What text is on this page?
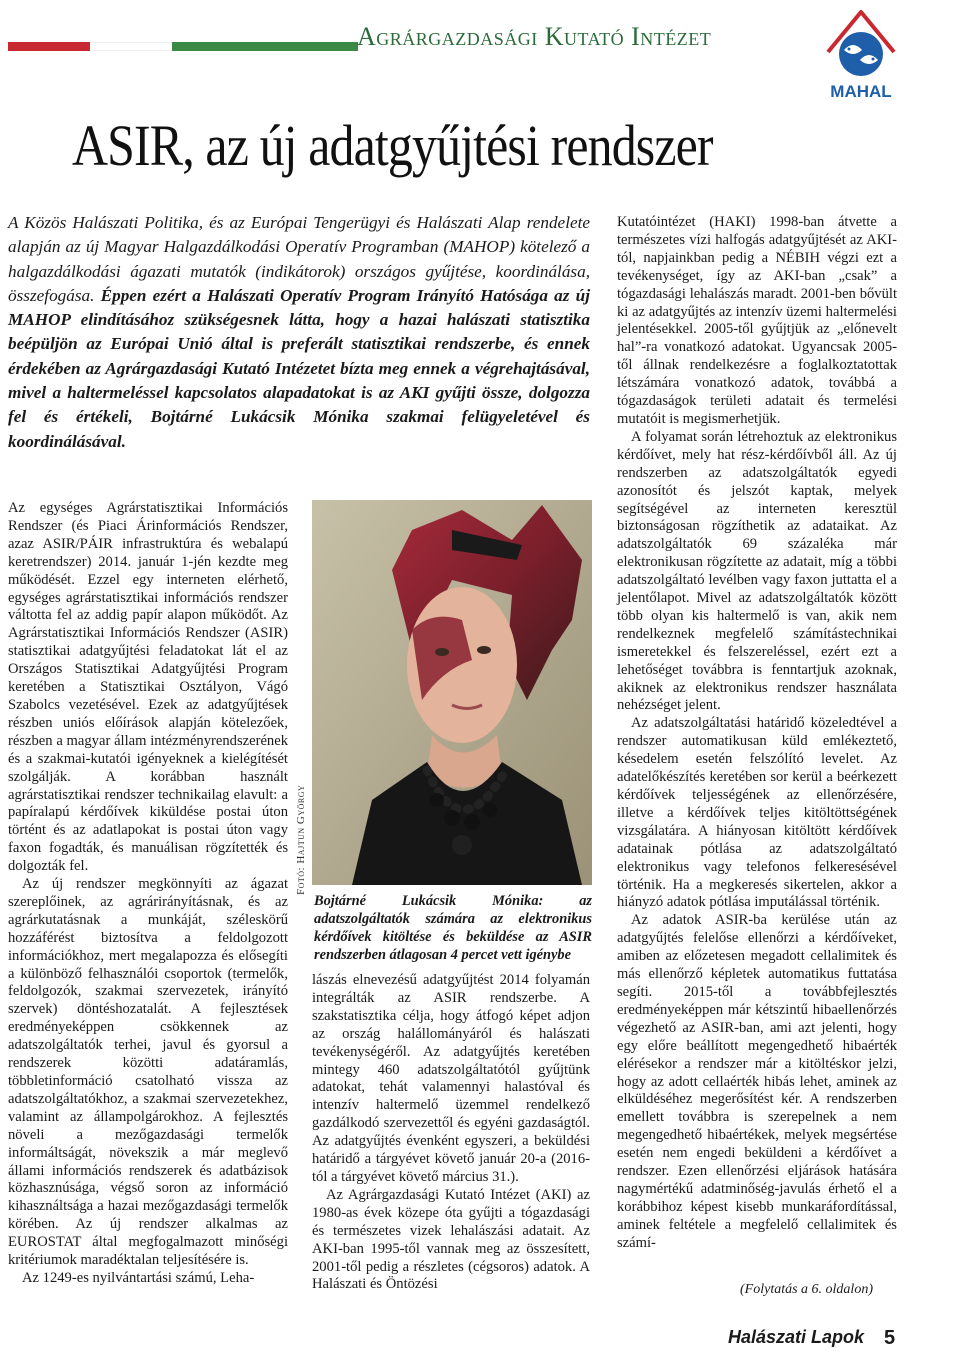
Agrárgazdasági Kutató Intézet
MAHAL
ASIR, az új adatgyűjtési rendszer
A Közös Halászati Politika, és az Európai Tengerügyi és Halászati Alap rendelete alapján az új Magyar Halgazdálkodási Operatív Programban (MAHOP) kötelező a halgazdálkodási ágazati mutatók (indikátorok) országos gyűjtése, koordinálása, összefogása. Éppen ezért a Halászati Operatív Program Irányító Hatósága az új MAHOP elindításához szükségesnek látta, hogy a hazai halászati statisztika beépüljön az Európai Unió által is preferált statisztikai rendszerbe, és ennek érdekében az Agrárgazdasági Kutató Intézetet bízta meg ennek a végrehajtásával, mivel a haltermeléssel kapcsolatos alapadatokat is az AKI gyűjti össze, dolgozza fel és értékeli, Bojtárné Lukácsik Mónika szakmai felügyeletével és koordinálásával.

Az egységes Agrárstatisztikai Információs Rendszer (és Piaci Árinformációs Rendszer, azaz ASIR/PÁIR infrastruktúra és webalapú keretrendszer) 2014. január 1-jén kezdte meg működését. Ezzel egy interneten elérhető, egységes agrárstatisztikai információs rendszer váltotta fel az addig papír alapon működőt. Az Agrárstatisztikai Információs Rendszer (ASIR) statisztikai adatgyűjtési feladatokat lát el az Országos Statisztikai Adatgyűjtési Program keretében a Statisztikai Osztályon, Vágó Szabolcs vezetésével. Ezek az adatgyűjtések részben uniós előírások alapján kötelezőek, részben a magyar állam intézményrendszerének és a szakmai-kutatói igényeknek a kielégítését szolgálják. A korábban használt agrárstatisztikai rendszer technikailag elavult: a papíralapú kérdőívek kiküldése postai úton történt és az adatlapokat is postai úton vagy faxon fogadták, és manuálisan rögzítették és dolgozták fel.

Az új rendszer megkönnyíti az ágazat szereplőinek, az agrárirányításnak, és az agrárkutatásnak a munkáját, széleskörű hozzáférést biztosítva a feldolgozott információkhoz, mert megalapozza és elősegíti a különböző felhasználói csoportok (termelők, feldolgozók, szakmai szervezetek, irányító szervek) döntéshozatalát. A fejlesztések eredményeképpen csökkennek az adatszolgáltatók terhei, javul és gyorsul a rendszerek közötti adatáramlás, többletinformáció csatolható vissza az adatszolgáltatókhoz, a szakmai szervezetekhez, valamint az állampolgárokhoz. A fejlesztés növeli a mezőgazdasági termelők informáltságát, növekszik a már meglevő állami információs rendszerek és adatbázisok közhasznúsága, végső soron az információ kihasználtsága a hazai mezőgazdasági termelők körében. Az új rendszer alkalmas az EUROSTAT által megfogalmazott minőségi kritériumok maradéktalan teljesítésére is.

Az 1249-es nyilvántartási számú, Leha-

Fotó: Hajtun György
Bojtárné Lukácsik Mónika: az adatszolgáltatók számára az elektronikus kérdőívek kitöltése és beküldése az ASIR rendszerben átlagosan 4 percet vett igénybe

lászás elnevezésű adatgyűjtést 2014 folyamán integrálták az ASIR rendszerbe. A szakstatisztika célja, hogy átfogó képet adjon az ország halállományáról és halászati tevékenységéről. Az adatgyűjtés keretében mintegy 460 adatszolgáltatótól gyűjtünk adatokat, tehát valamennyi halastóval és intenzív haltermelő üzemmel rendelkező gazdálkodó szervezettől és egyéni gazdaságtól. Az adatgyűjtés évenként egyszeri, a beküldési határidő a tárgyévet követő január 20-a (2016-tól a tárgyévet követő március 31.).

Az Agrárgazdasági Kutató Intézet (AKI) az 1980-as évek közepe óta gyűjti a tógazdasági és természetes vizek lehalászási adatait. Az AKI-ban 1995-től vannak meg az összesített, 2001-től pedig a részletes (cégsoros) adatok. A Halászati és Öntözési

Kutatóintézet (HAKI) 1998-ban átvette a természetes vízi halfogás adatgyűjtését az AKI-tól, napjainkban pedig a NÉBIH végzi ezt a tevékenységet, így az AKI-ban „csak” a tógazdasági lehalászás maradt. 2001-ben bővült ki az adatgyűjtés az intenzív üzemi haltermelési jelentésekkel. 2005-től gyűjtjük az „előnevelt hal”-ra vonatkozó adatokat. Ugyancsak 2005-től állnak rendelkezésre a foglalkoztatottak létszámára vonatkozó adatok, továbbá a tógazdaságok területi adatait és termelési mutatóit is megismerhetjük.

A folyamat során létrehoztuk az elektronikus kérdőívet, mely hat rész-kérdőívből áll. Az új rendszerben az adatszolgáltatók egyedi azonosítót és jelszót kaptak, melyek segítségével az interneten keresztül biztonságosan rögzíthetik az adataikat. Az adatszolgáltatók 69 százaléka már elektronikusan rögzítette az adatait, míg a többi adatszolgáltató levélben vagy faxon juttatta el a jelentőlapot. Mivel az adatszolgáltatók között több olyan kis haltermelő is van, akik nem rendelkeznek megfelelő számítástechnikai ismeretekkel és felszereléssel, ezért ezt a lehetőséget továbbra is fenntartjuk azoknak, akiknek az elektronikus rendszer használata nehézséget jelent.

Az adatszolgáltatási határidő közeledtével a rendszer automatikusan küld emlékeztető, késedelem esetén felszólító levelet. Az adatelőkészítés keretében sor kerül a beérkezett kérdőívek teljességének az ellenőrzésére, illetve a kérdőívek teljes kitöltöttségének vizsgálatára. A hiányosan kitöltött kérdőívek adatainak pótlása az adatszolgáltató elektronikus vagy telefonos felkeresésével történik. Ha a megkeresés sikertelen, akkor a hiányzó adatok pótlása imputálással történik.

Az adatok ASIR-ba kerülése után az adatgyűjtés felelőse ellenőrzi a kérdőíveket, amiben az előzetesen megadott cellalimitek és más ellenőrző képletek automatikus futtatása segíti. 2015-től a továbbfejlesztés eredményeképpen már kétszintű hibaellenőrzés végezhető az ASIR-ban, ami azt jelenti, hogy egy előre beállított megengedhető hibaérték elérésekor a rendszer már a kitöltéskor jelzi, hogy az adott cellaérték hibás lehet, aminek az elküldéséhez megerősítést kér. A rendszerben emellett továbbra is szerepelnek a nem megengedhető hibaértékek, melyek megsértése esetén nem engedi beküldeni a kérdőívet a rendszer. Ezen ellenőrzési eljárások hatására nagymértékű adatminőség-javulás érhető el a korábbihoz képest kisebb munkaráfordítással, aminek feltétele a megfelelő cellalimitek és számí-

(Folytatás a 6. oldalon)
Halászati Lapok 5
